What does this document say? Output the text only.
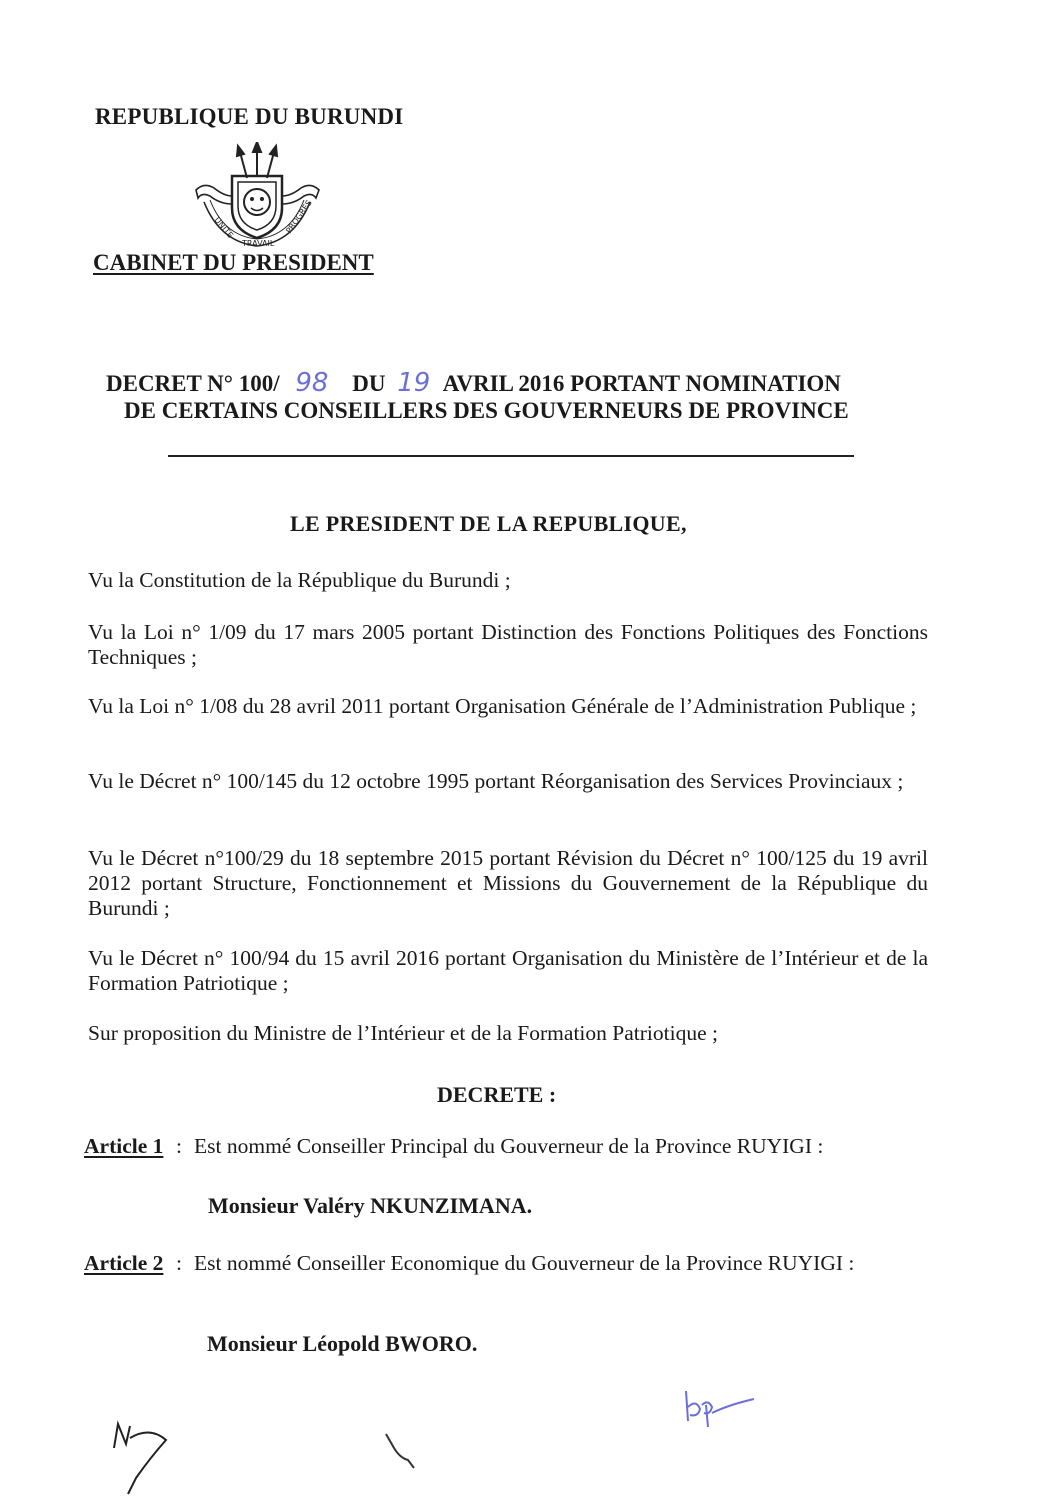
REPUBLIQUE DU BURUNDI
UNITE
TRAVAIL
PROGRES
CABINET DU PRESIDENT
DECRET N° 100/ 98 DU 19 AVRIL 2016 PORTANT NOMINATION
DE CERTAINS CONSEILLERS DES GOUVERNEURS DE PROVINCE
LE PRESIDENT DE LA REPUBLIQUE,
Vu la Constitution de la République du Burundi ;
Vu la Loi n° 1/09 du 17 mars 2005 portant Distinction des Fonctions Politiques des Fonctions Techniques ;
Vu la Loi n° 1/08 du 28 avril 2011 portant Organisation Générale de l’Administration Publique ;
Vu le Décret n° 100/145 du 12 octobre 1995 portant Réorganisation des Services Provinciaux ;
Vu le Décret n°100/29 du 18 septembre 2015 portant Révision du Décret n° 100/125 du 19 avril 2012 portant Structure, Fonctionnement et Missions du Gouvernement de la République du Burundi ;
Vu le Décret n° 100/94 du 15 avril 2016 portant Organisation du Ministère de l’Intérieur et de la Formation Patriotique ;
Sur proposition du Ministre de l’Intérieur et de la Formation Patriotique ;
DECRETE :
Article 1 : Est nommé Conseiller Principal du Gouverneur de la Province RUYIGI :
Monsieur Valéry NKUNZIMANA.
Article 2 : Est nommé Conseiller Economique du Gouverneur de la Province RUYIGI :
Monsieur Léopold BWORO.
